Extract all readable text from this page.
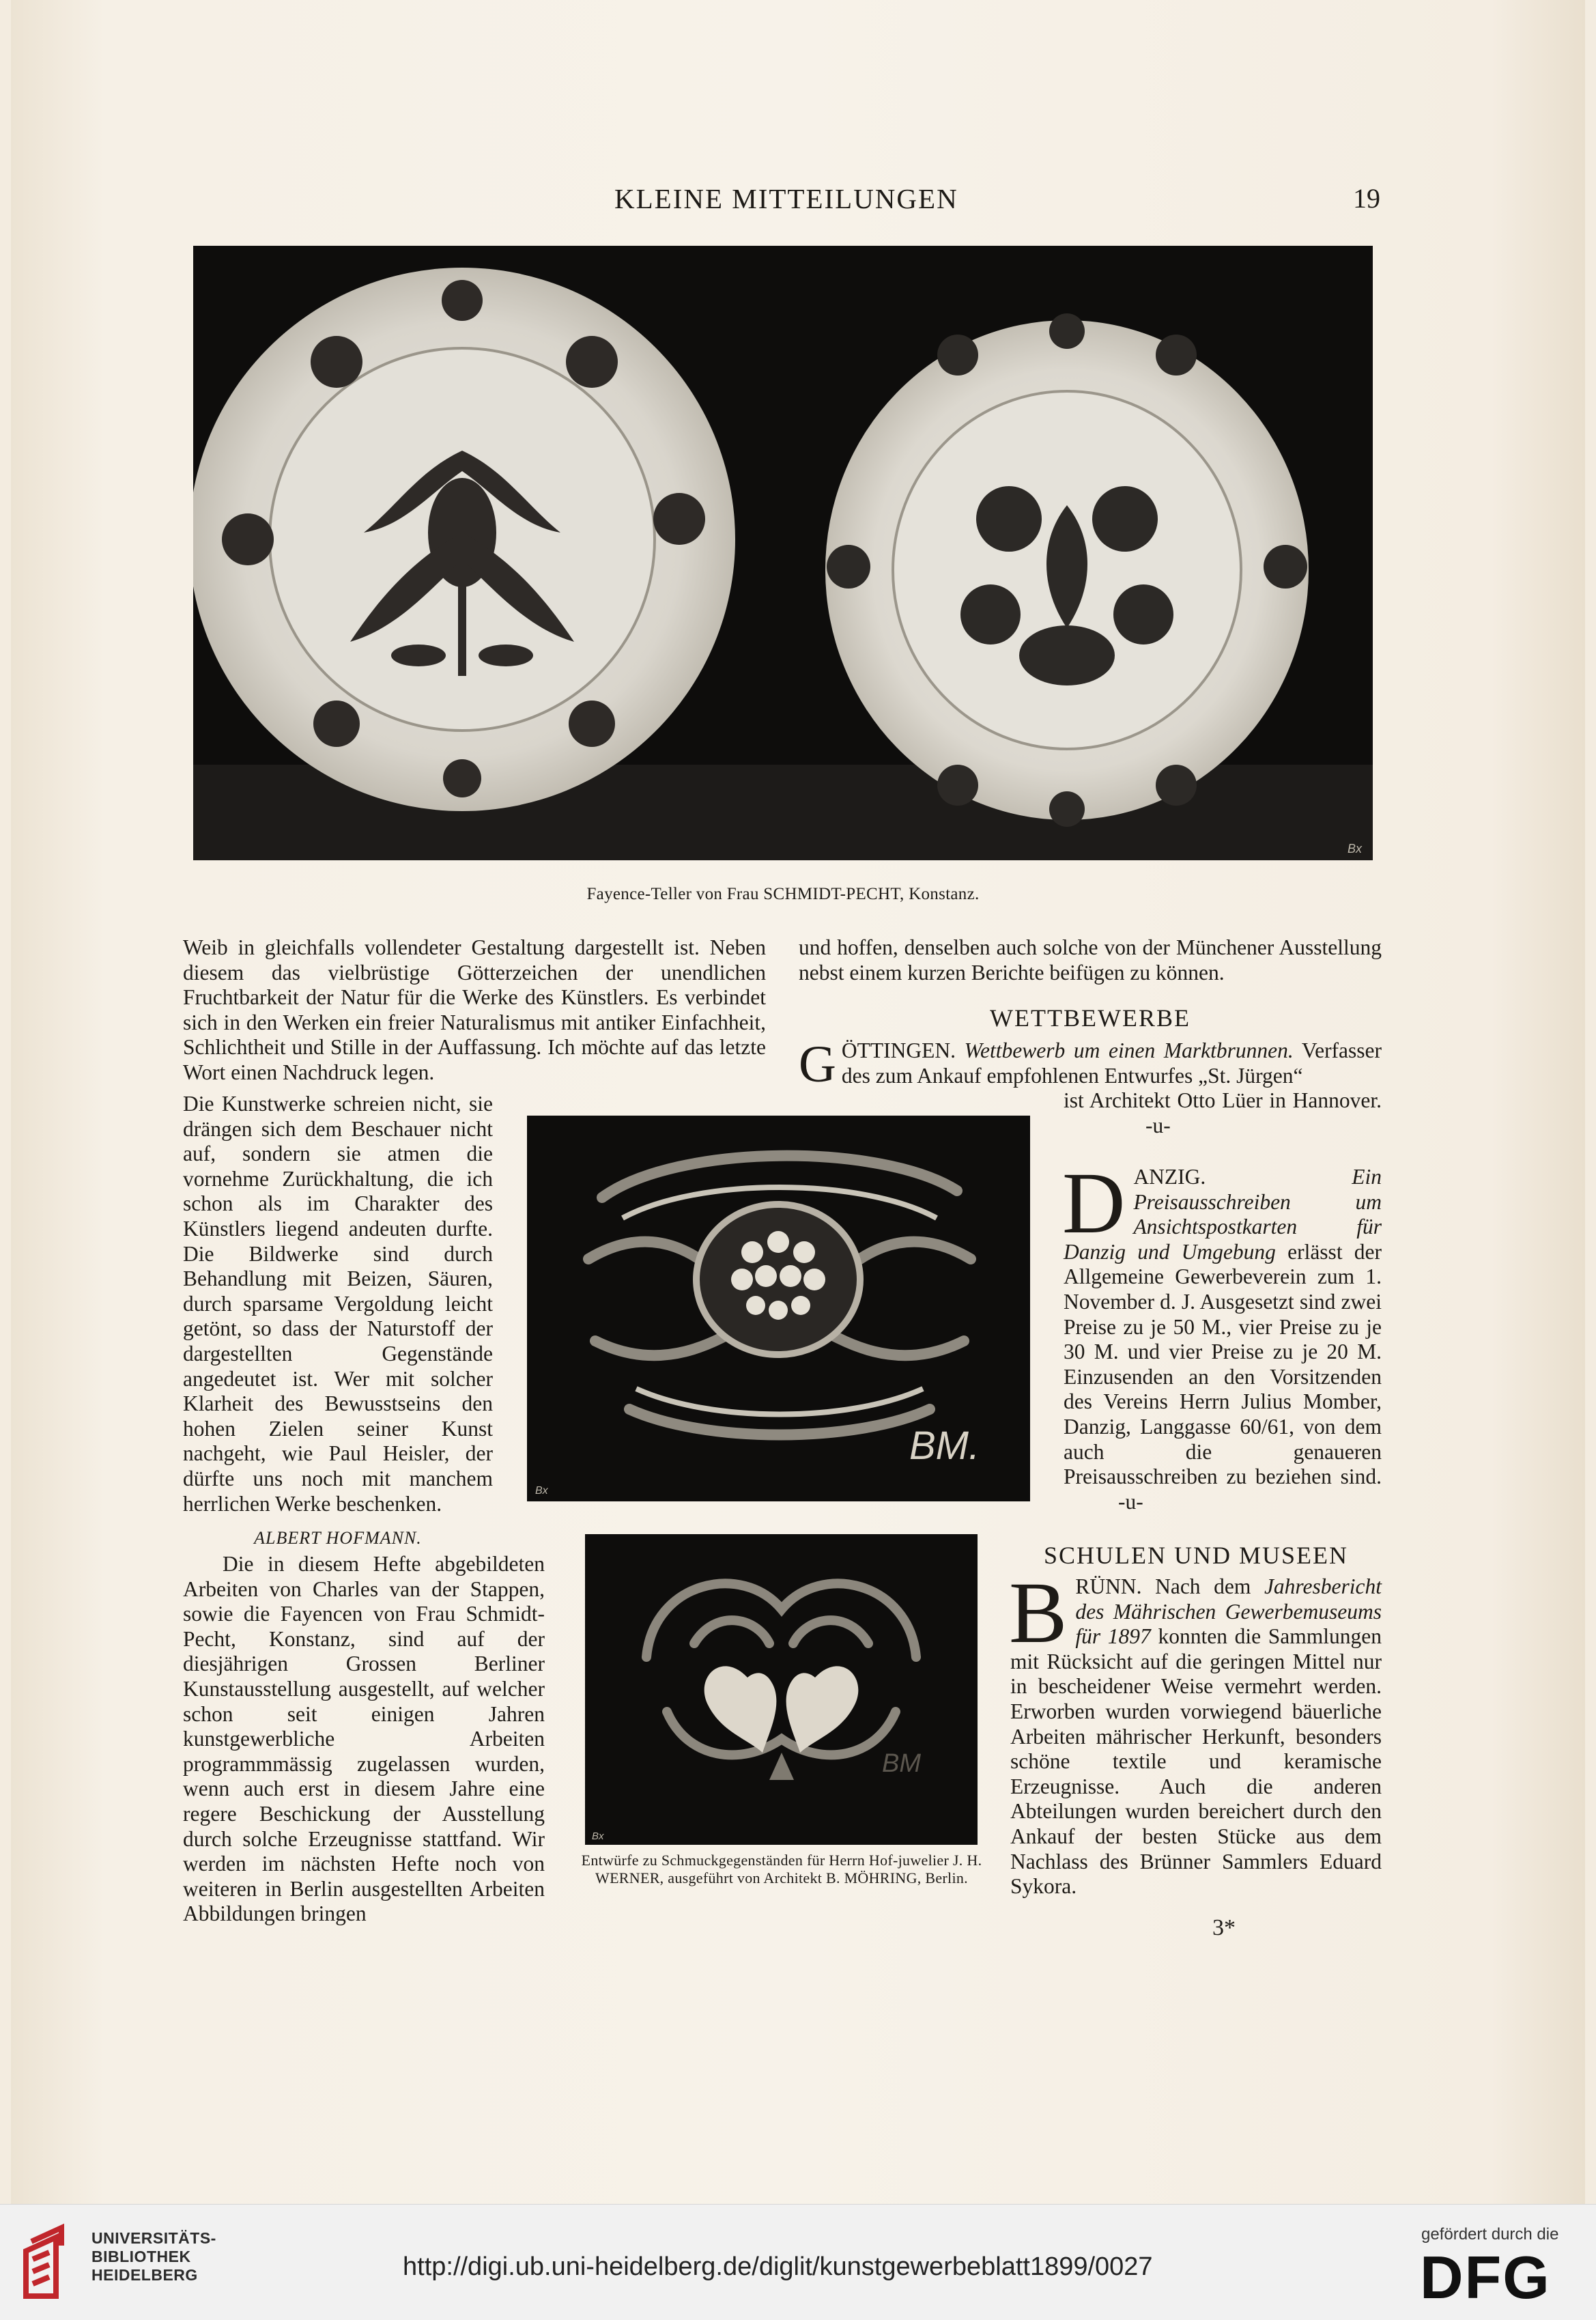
KLEINE MITTEILUNGEN	19
Bx
Fayence-Teller von Frau SCHMIDT-PECHT, Konstanz.

Weib in gleichfalls vollendeter Gestaltung dargestellt ist. Neben diesem das vielbrüstige Götterzeichen der unendlichen Fruchtbarkeit der Natur für die Werke des Künstlers. Es verbindet sich in den Werken ein freier Naturalismus mit antiker Einfachheit, Schlichtheit und Stille in der Auffassung. Ich möchte auf das letzte Wort einen Nachdruck legen.

Die Kunstwerke schreien nicht, sie drängen sich dem Beschauer nicht auf, sondern sie atmen die vornehme Zurückhaltung, die ich schon als im Charakter des Künstlers liegend andeuten durfte. Die Bildwerke sind durch Behandlung mit Beizen, Säuren, durch sparsame Vergoldung leicht getönt, so dass der Naturstoff der dargestellten Gegenstände angedeutet ist. Wer mit solcher Klarheit des Bewusstseins den hohen Zielen seiner Kunst nachgeht, wie Paul Heisler, der dürfte uns noch mit manchem herrlichen Werke beschenken.

ALBERT HOFMANN.

Die in diesem Hefte abgebildeten Arbeiten von Charles van der Stappen, sowie die Fayencen von Frau Schmidt-Pecht, Konstanz, sind auf der diesjährigen Grossen Berliner Kunstausstellung ausgestellt, auf welcher schon seit einigen Jahren kunstgewerbliche Arbeiten programmmässig zugelassen wurden, wenn auch erst in diesem Jahre eine regere Beschickung der Ausstellung durch solche Erzeugnisse stattfand. Wir werden im nächsten Hefte noch von weiteren in Berlin ausgestellten Arbeiten Abbildungen bringen

BM.
Bx
BM
Bx
Entwürfe zu Schmuckgegenständen für Herrn Hof-juwelier J. H. WERNER, ausgeführt von Architekt B. MÖHRING, Berlin.

und hoffen, denselben auch solche von der Münchener Ausstellung nebst einem kurzen Berichte beifügen zu können.

WETTBEWERBE
G ÖTTINGEN. Wettbewerb um einen Marktbrunnen. Verfasser des zum Ankauf empfohlenen Entwurfes „St. Jürgen“
ist Architekt Otto Lüer in Hannover. -u-
D ANZIG.	Ein Preisausschreiben um Ansichtspostkarten für Danzig und Umgebung erlässt der Allgemeine Gewerbeverein zum 1. November d. J. Ausgesetzt sind zwei Preise zu je 50 M., vier Preise zu je 30 M. und vier Preise zu je 20 M. Einzusenden an den Vorsitzenden des Vereins Herrn Julius Momber, Danzig, Langgasse 60/61, von dem auch die genaueren Preisausschreiben zu beziehen sind. -u-
SCHULEN UND MUSEEN
B RÜNN. Nach dem Jahresbericht des Mährischen Gewerbemuseums für 1897 konnten die Sammlungen mit Rücksicht auf die geringen Mittel nur in bescheidener Weise vermehrt werden. Erworben wurden vorwiegend bäuerliche Arbeiten mährischer Herkunft, besonders schöne textile und keramische Erzeugnisse. Auch die anderen Abteilungen wurden bereichert durch den Ankauf der besten Stücke aus dem Nachlass des Brünner Sammlers Eduard Sykora.
3*
UNIVERSITÄTS-
BIBLIOTHEK
HEIDELBERG	http://digi.ub.uni-heidelberg.de/diglit/kunstgewerbeblatt1899/0027
gefördert durch die
DFG
